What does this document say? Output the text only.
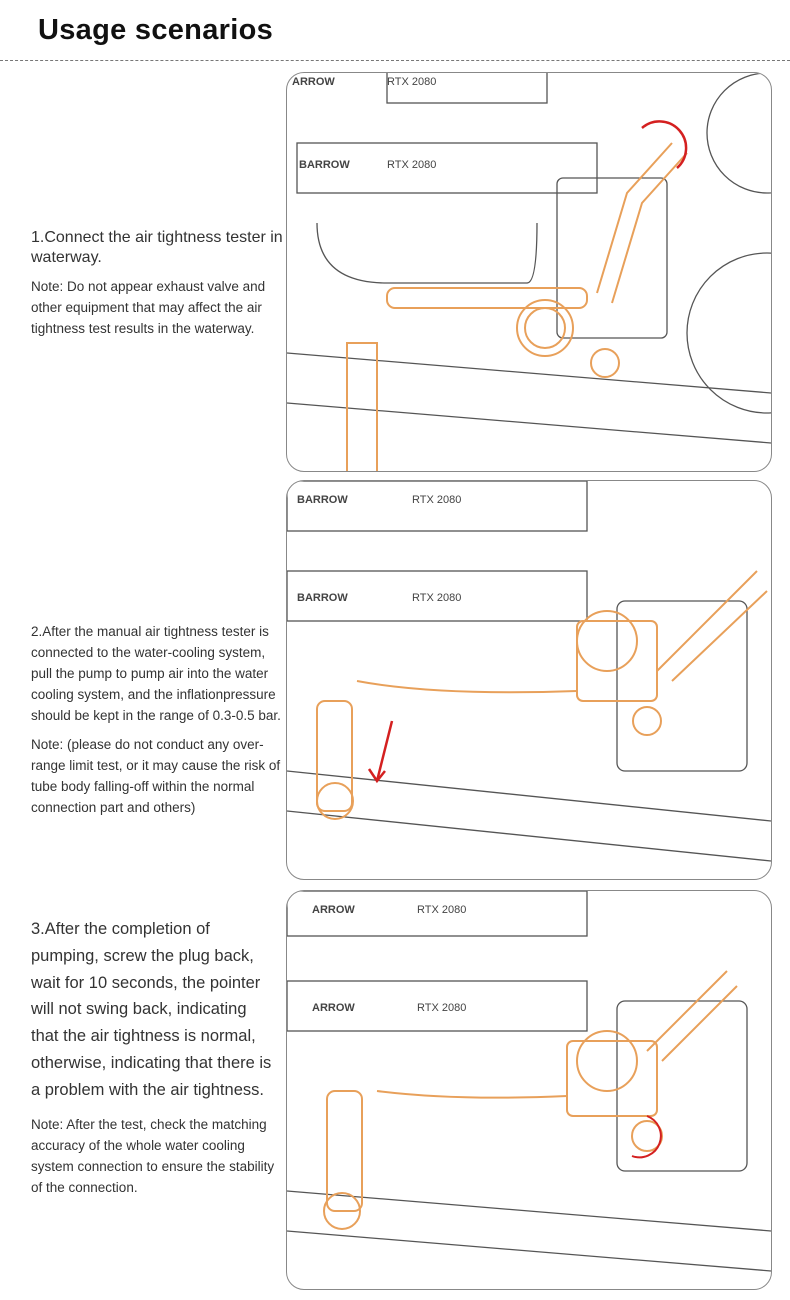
Usage scenarios
1.Connect the air tightness tester in waterway.
Note: Do not appear exhaust valve and other equipment that may affect the air tightness test results in the waterway.
2.After the manual air tightness tester is connected to the water-cooling system, pull the pump to pump air into the water cooling system, and the inflationpressure should be kept in the range of 0.3-0.5 bar.
Note: (please do not conduct any over-range limit test, or it may cause the risk of tube body falling-off within the normal connection part and others)
3.After the completion of pumping, screw the plug back, wait for 10 seconds, the pointer will not swing back, indicating that the air tightness is normal, otherwise, indicating that there is a problem with the air tightness.
Note: After the test, check the matching accuracy of the whole water cooling system connection to ensure the stability of the connection.
BARROW	RTX 2080
ARROW	RTX 2080
BARROW	RTX 2080
BARROW	RTX 2080
ARROW	RTX 2080
ARROW	RTX 2080
